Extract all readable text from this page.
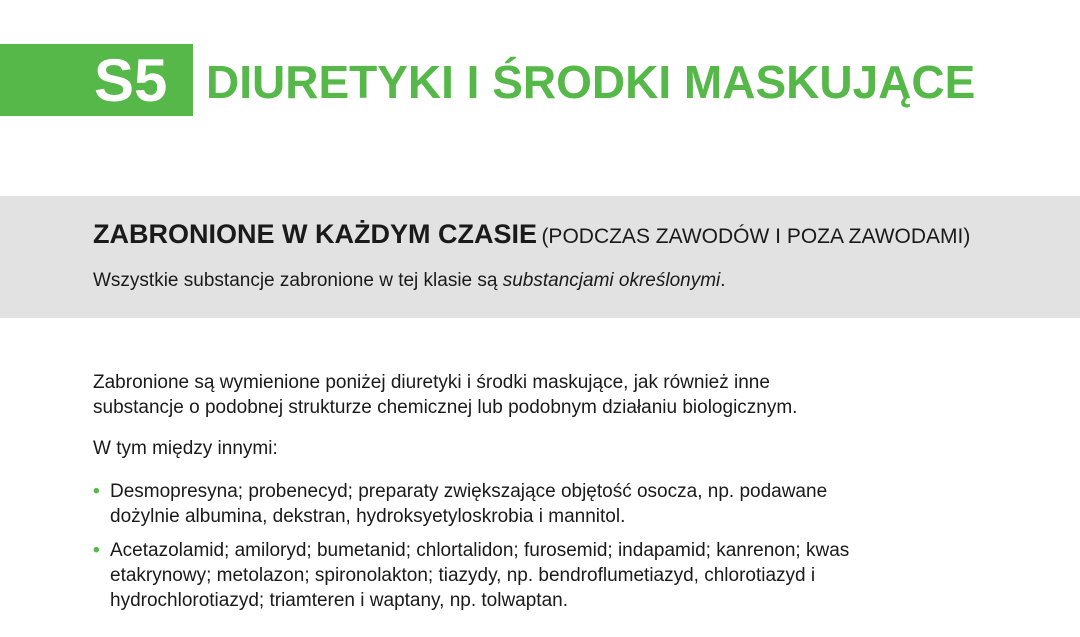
S5 DIURETYKI I ŚRODKI MASKUJĄCE
ZABRONIONE W KAŻDYM CZASIE (PODCZAS ZAWODÓW I POZA ZAWODAMI)
Wszystkie substancje zabronione w tej klasie są substancjami określonymi.

Zabronione są wymienione poniżej diuretyki i środki maskujące, jak również inne

substancje o podobnej strukturze chemicznej lub podobnym działaniu biologicznym.

W tym między innymi:
• Desmopresyna; probenecyd; preparaty zwiększające objętość osocza, np. podawane
dożylnie albumina, dekstran, hydroksyetyloskrobia i mannitol.
• Acetazolamid; amiloryd; bumetanid; chlortalidon; furosemid; indapamid; kanrenon; kwas
etakrynowy; metolazon; spironolakton; tiazydy, np. bendroflumetiazyd, chlorotiazyd i
hydrochlorotiazyd; triamteren i waptany, np. tolwaptan.
